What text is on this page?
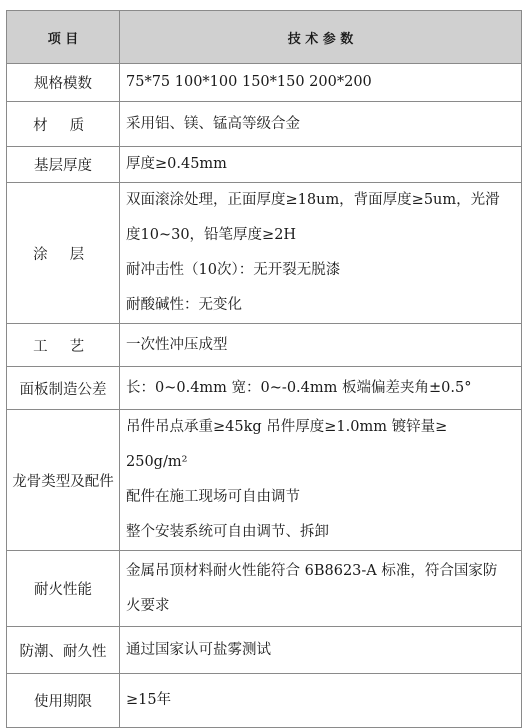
项 目	技 术 参 数
规格模数	75*75 100*100 150*150 200*200

材 质	采用铝、镁、锰高等级合金

基层厚度	厚度≥0.45mm

涂 层	双面滚涂处理，正面厚度≥18um，背面厚度≥5um，光滑
度10~30，铅笔厚度≥2H
耐冲击性（10次）：无开裂无脱漆
耐酸碱性：无变化

工 艺	一次性冲压成型

面板制造公差	长：0~0.4mm 宽：0~-0.4mm 板端偏差夹角±0.5°

龙骨类型及配件	吊件吊点承重≥45kg 吊件厚度≥1.0mm 镀锌量≥
250g/m²
配件在施工现场可自由调节
整个安装系统可自由调节、拆卸

耐火性能	金属吊顶材料耐火性能符合 6B8623-A 标准，符合国家防
火要求

防潮、耐久性	通过国家认可盐雾测试

使用期限	≥15年
